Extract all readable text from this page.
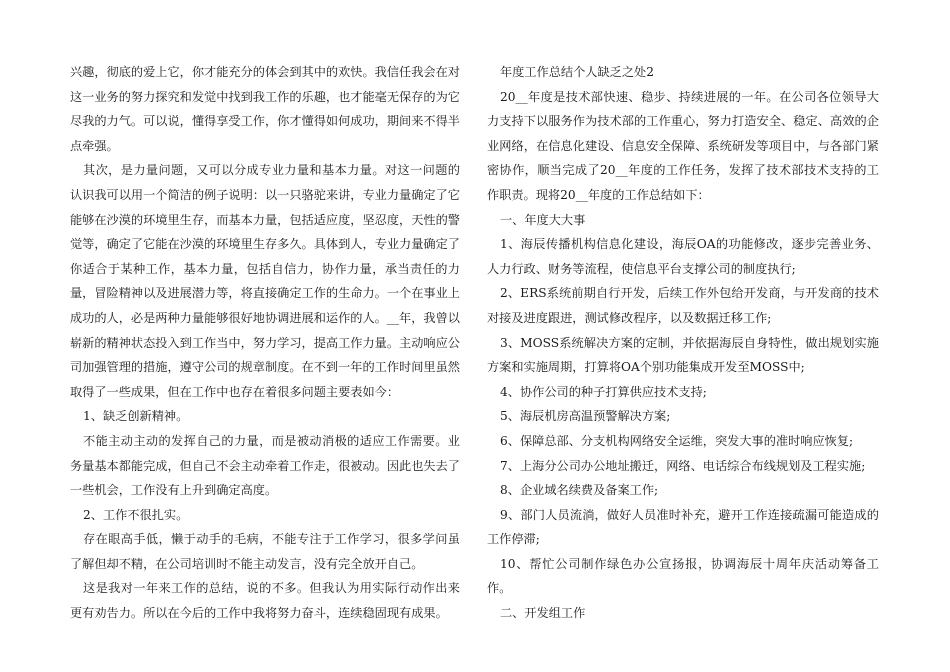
兴趣，彻底的爱上它，你才能充分的体会到其中的欢快。我信任我会在对这一业务的努力探究和发觉中找到我工作的乐趣，也才能毫无保存的为它尽我的力气。可以说，懂得享受工作，你才懂得如何成功，期间来不得半点牵强。

其次，是力量问题，又可以分成专业力量和基本力量。对这一问题的认识我可以用一个简洁的例子说明：以一只骆驼来讲，专业力量确定了它能够在沙漠的环境里生存，而基本力量，包括适应度，坚忍度，天性的警觉等，确定了它能在沙漠的环境里生存多久。具体到人，专业力量确定了你适合于某种工作，基本力量，包括自信力，协作力量，承当责任的力量，冒险精神以及进展潜力等，将直接确定工作的生命力。一个在事业上成功的人，必是两种力量能够很好地协调进展和运作的人。__年，我曾以崭新的精神状态投入到工作当中，努力学习，提高工作力量。主动响应公司加强管理的措施，遵守公司的规章制度。在不到一年的工作时间里虽然取得了一些成果，但在工作中也存在着很多问题主要表如今：

1、缺乏创新精神。

不能主动主动的发挥自己的力量，而是被动消极的适应工作需要。业务量基本都能完成，但自己不会主动牵着工作走，很被动。因此也失去了一些机会，工作没有上升到确定高度。

2、工作不很扎实。

存在眼高手低，懒于动手的毛病，不能专注于工作学习，很多学问虽了解但却不精，在公司培训时不能主动发言，没有完全放开自己。

这是我对一年来工作的总结，说的不多。但我认为用实际行动作出来更有劝告力。所以在今后的工作中我将努力奋斗，连续稳固现有成果。

年度工作总结个人缺乏之处2

20__年度是技术部快速、稳步、持续进展的一年。在公司各位领导大力支持下以服务作为技术部的工作重心，努力打造安全、稳定、高效的企业网络，在信息化建设、信息安全保障、系统研发等项目中，与各部门紧密协作，顺当完成了20__年度的工作任务，发挥了技术部技术支持的工作职责。现将20__年度的工作总结如下：

一、年度大大事

1、海辰传播机构信息化建设，海辰OA的功能修改，逐步完善业务、人力行政、财务等流程，使信息平台支撑公司的制度执行;

2、ERS系统前期自行开发，后续工作外包给开发商，与开发商的技术对接及进度跟进，测试修改程序，以及数据迁移工作;

3、MOSS系统解决方案的定制，并依据海辰自身特性，做出规划实施方案和实施周期，打算将OA个别功能集成开发至MOSS中;

4、协作公司的种子打算供应技术支持;

5、海辰机房高温预警解决方案;

6、保障总部、分支机构网络安全运维，突发大事的准时响应恢复;

7、上海分公司办公地址搬迁，网络、电话综合布线规划及工程实施;

8、企业域名续费及备案工作;

9、部门人员流淌，做好人员准时补充，避开工作连接疏漏可能造成的工作停滞;

10、帮忙公司制作绿色办公宣扬报，协调海辰十周年庆活动筹备工作。

二、开发组工作
